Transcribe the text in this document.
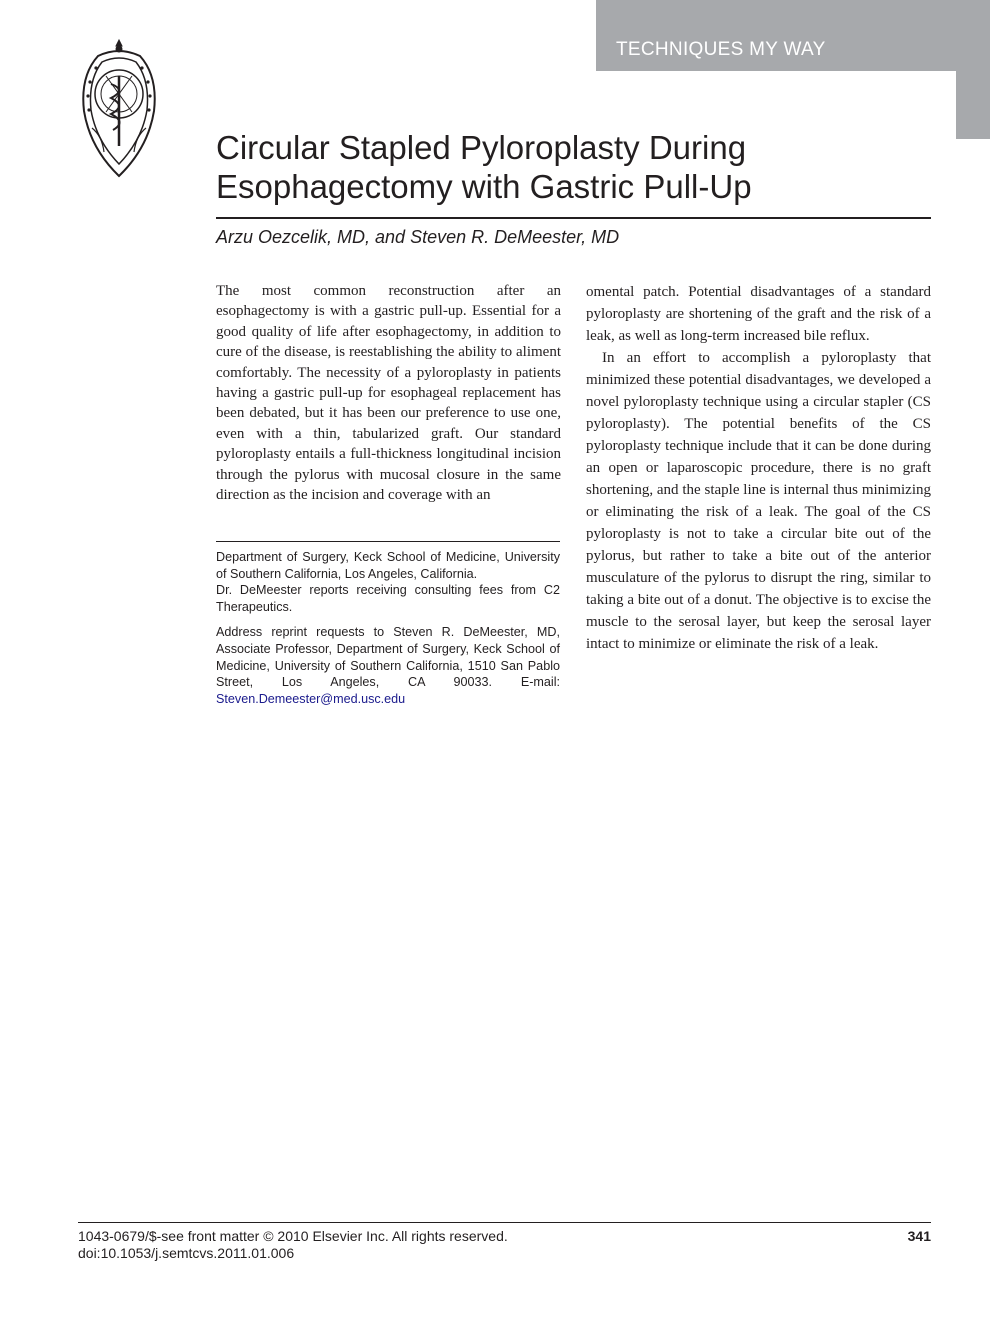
TECHNIQUES MY WAY
Circular Stapled Pyloroplasty During
Esophagectomy with Gastric Pull-Up
Arzu Oezcelik, MD, and Steven R. DeMeester, MD

The most common reconstruction after an esophagectomy is with a gastric pull-up. Essential for a good quality of life after esophagectomy, in addition to cure of the disease, is reestablishing the ability to aliment comfortably. The necessity of a pyloroplasty in patients having a gastric pull-up for esophageal replacement has been debated, but it has been our preference to use one, even with a thin, tabularized graft. Our standard pyloroplasty entails a full-thickness longitudinal incision through the pylorus with mucosal closure in the same direction as the incision and coverage with an

Department of Surgery, Keck School of Medicine, University of Southern California, Los Angeles, California.

Dr. DeMeester reports receiving consulting fees from C2 Therapeutics.

Address reprint requests to Steven R. DeMeester, MD, Associate Professor, Department of Surgery, Keck School of Medicine, University of Southern California, 1510 San Pablo Street, Los Angeles, CA 90033. E-mail: Steven.Demeester@med.usc.edu

omental patch. Potential disadvantages of a standard pyloroplasty are shortening of the graft and the risk of a leak, as well as long-term increased bile reflux.

In an effort to accomplish a pyloroplasty that minimized these potential disadvantages, we developed a novel pyloroplasty technique using a circular stapler (CS pyloroplasty). The potential benefits of the CS pyloroplasty technique include that it can be done during an open or laparoscopic procedure, there is no graft shortening, and the staple line is internal thus minimizing or eliminating the risk of a leak. The goal of the CS pyloroplasty is not to take a circular bite out of the pylorus, but rather to take a bite out of the anterior musculature of the pylorus to disrupt the ring, similar to taking a bite out of a donut. The objective is to excise the muscle to the serosal layer, but keep the serosal layer intact to minimize or eliminate the risk of a leak.

1043-0679/$-see front matter © 2010 Elsevier Inc. All rights reserved.
doi:10.1053/j.semtcvs.2011.01.006
341
